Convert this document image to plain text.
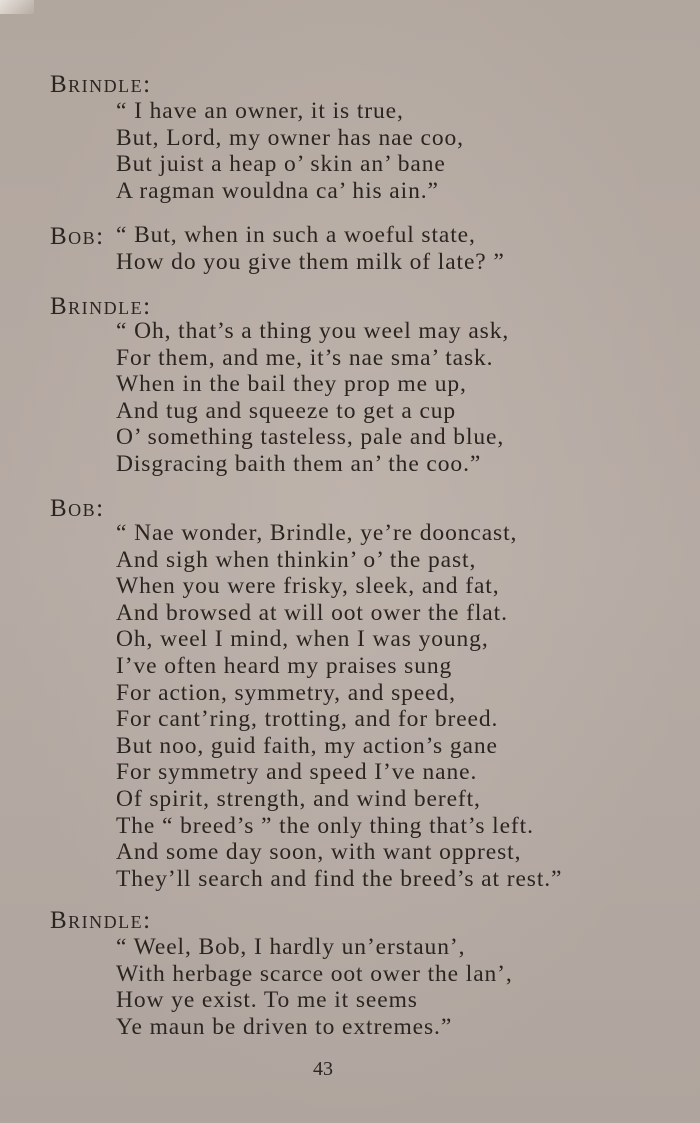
Brindle:
“ I have an owner, it is true,
But, Lord, my owner has nae coo,
But juist a heap o’ skin an’ bane
A ragman wouldna ca’ his ain.”
Bob: “ But, when in such a woeful state,
How do you give them milk of late? ”
Brindle:
“ Oh, that’s a thing you weel may ask,
For them, and me, it’s nae sma’ task.
When in the bail they prop me up,
And tug and squeeze to get a cup
O’ something tasteless, pale and blue,
Disgracing baith them an’ the coo.”
Bob:
“ Nae wonder, Brindle, ye’re dooncast,
And sigh when thinkin’ o’ the past,
When you were frisky, sleek, and fat,
And browsed at will oot ower the flat.
Oh, weel I mind, when I was young,
I’ve often heard my praises sung
For action, symmetry, and speed,
For cant’ring, trotting, and for breed.
But noo, guid faith, my action’s gane
For symmetry and speed I’ve nane.
Of spirit, strength, and wind bereft,
The “ breed’s ” the only thing that’s left.
And some day soon, with want opprest,
They’ll search and find the breed’s at rest.”
Brindle:
“ Weel, Bob, I hardly un’erstaun’,
With herbage scarce oot ower the lan’,
How ye exist. To me it seems
Ye maun be driven to extremes.”
43
